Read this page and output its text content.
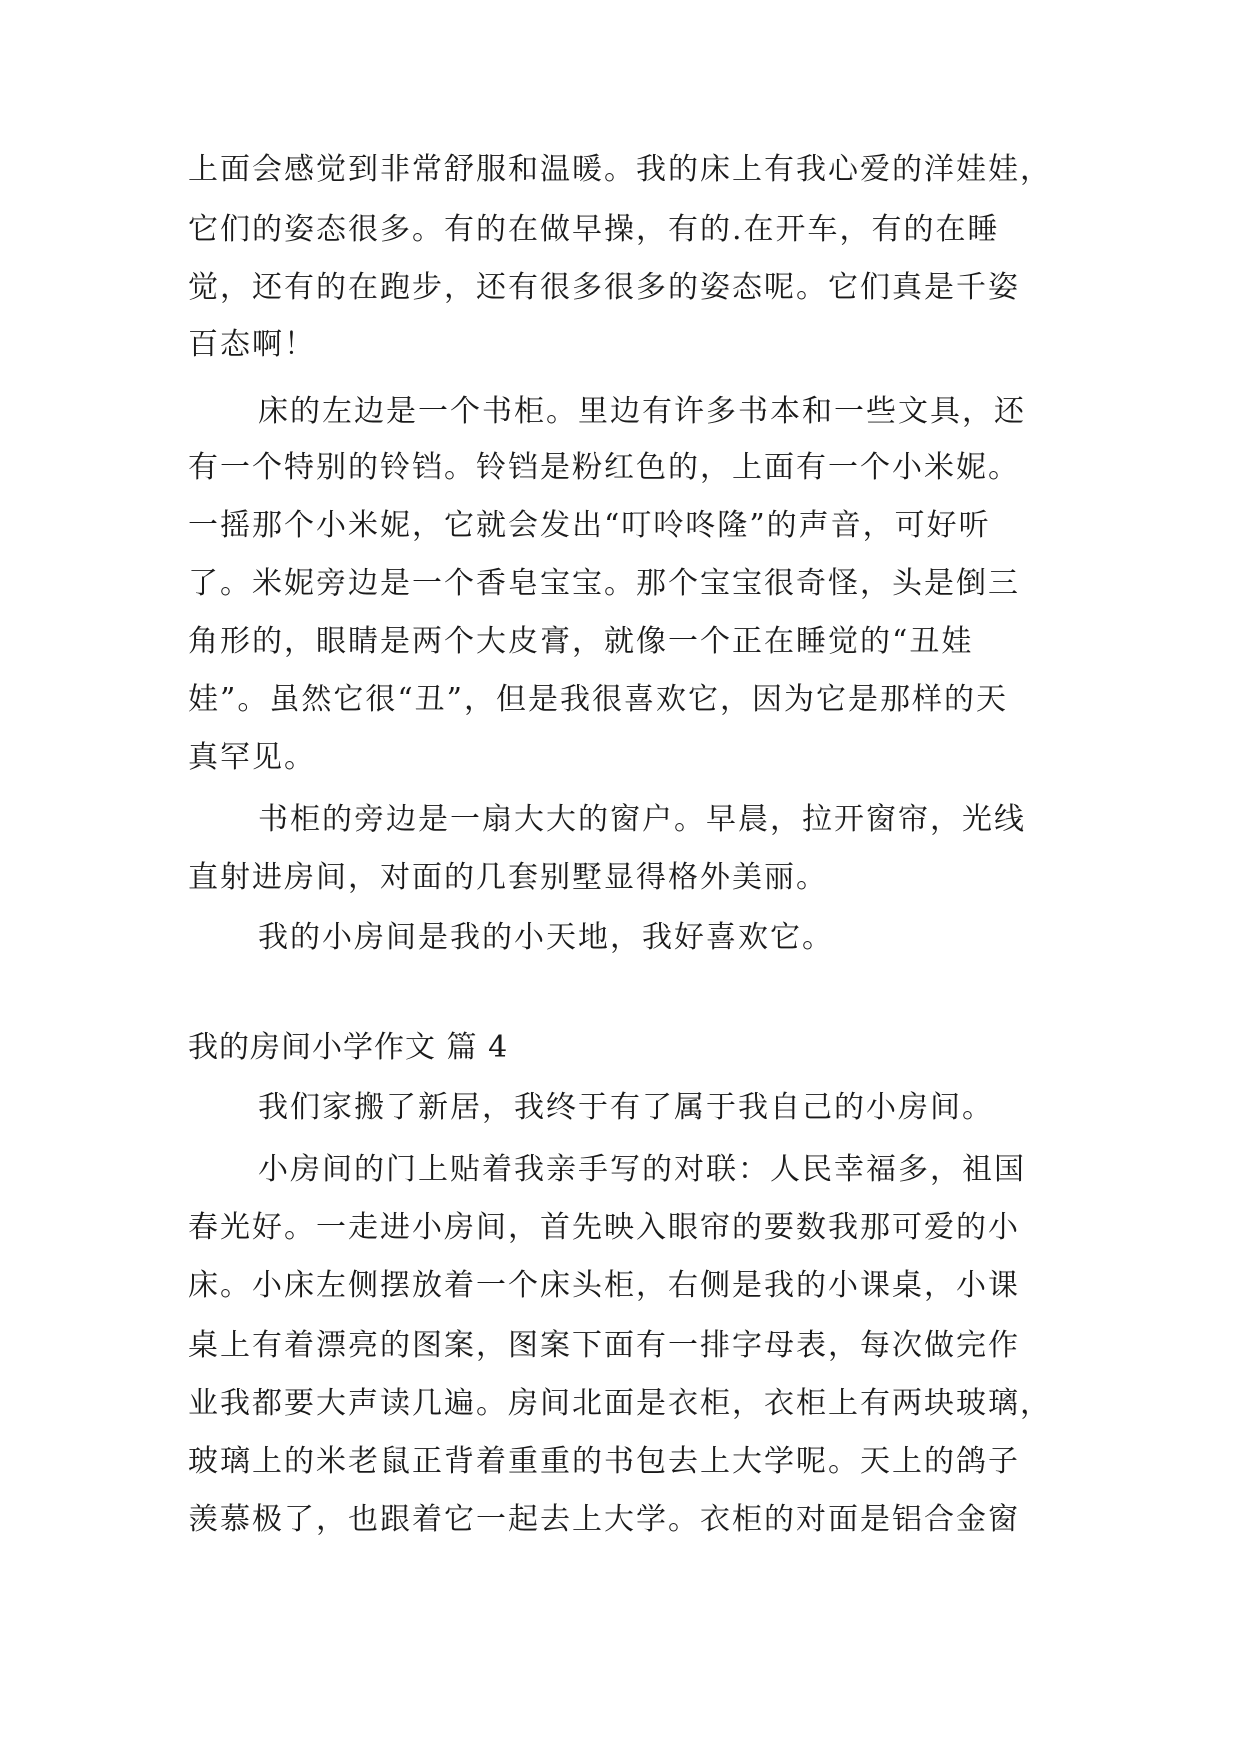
上面会感觉到非常舒服和温暖。我的床上有我心爱的洋娃娃，
它们的姿态很多。有的在做早操，有的.在开车，有的在睡
觉，还有的在跑步，还有很多很多的姿态呢。它们真是千姿
百态啊！
床的左边是一个书柜。里边有许多书本和一些文具，还
有一个特别的铃铛。铃铛是粉红色的，上面有一个小米妮。
一摇那个小米妮，它就会发出“叮呤咚隆”的声音，可好听
了。米妮旁边是一个香皂宝宝。那个宝宝很奇怪，头是倒三
角形的，眼睛是两个大皮膏，就像一个正在睡觉的“丑娃
娃”。虽然它很“丑”，但是我很喜欢它，因为它是那样的天
真罕见。
书柜的旁边是一扇大大的窗户。早晨，拉开窗帘，光线
直射进房间，对面的几套别墅显得格外美丽。
我的小房间是我的小天地，我好喜欢它。
我的房间小学作文 篇 4
我们家搬了新居，我终于有了属于我自己的小房间。
小房间的门上贴着我亲手写的对联：人民幸福多，祖国
春光好。一走进小房间，首先映入眼帘的要数我那可爱的小
床。小床左侧摆放着一个床头柜，右侧是我的小课桌，小课
桌上有着漂亮的图案，图案下面有一排字母表，每次做完作
业我都要大声读几遍。房间北面是衣柜，衣柜上有两块玻璃，
玻璃上的米老鼠正背着重重的书包去上大学呢。天上的鸽子
羡慕极了，也跟着它一起去上大学。衣柜的对面是铝合金窗
